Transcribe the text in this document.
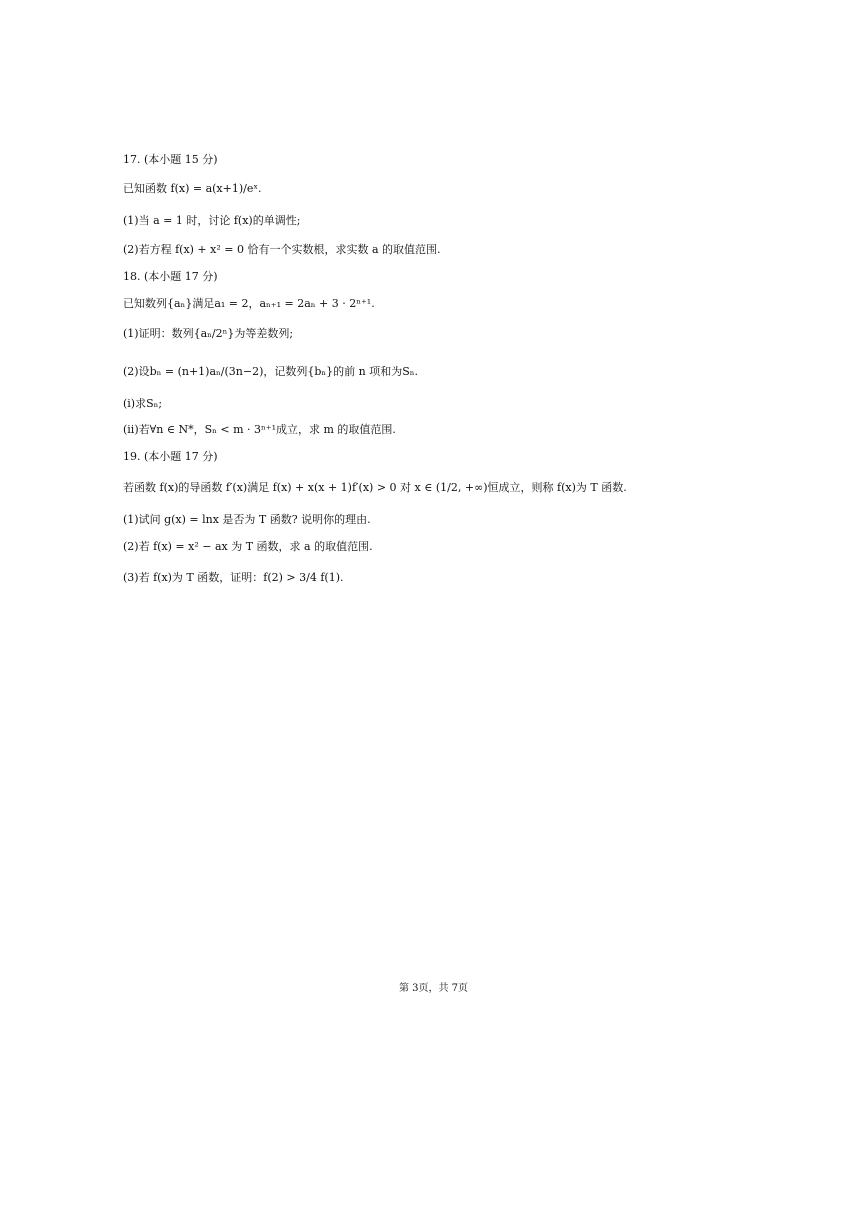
17. (本小题 15 分)
已知函数 f(x) = a(x+1)/eˣ.
(1)当 a = 1 时，讨论 f(x)的单调性;
(2)若方程 f(x) + x² = 0 恰有一个实数根，求实数 a 的取值范围.
18. (本小题 17 分)
已知数列{aₙ}满足a₁ = 2，aₙ₊₁ = 2aₙ + 3 · 2ⁿ⁺¹.
(1)证明：数列{aₙ/2ⁿ}为等差数列;
(2)设bₙ = (n+1)aₙ/(3n−2)，记数列{bₙ}的前 n 项和为Sₙ.
(i)求Sₙ;
(ii)若∀n ∈ N*，Sₙ < m · 3ⁿ⁺¹成立，求 m 的取值范围.
19. (本小题 17 分)
若函数 f(x)的导函数 f′(x)满足 f(x) + x(x + 1)f′(x) > 0 对 x ∈ (1/2, +∞)恒成立，则称 f(x)为 T 函数.
(1)试问 g(x) = lnx 是否为 T 函数? 说明你的理由.
(2)若 f(x) = x² − ax 为 T 函数，求 a 的取值范围.
(3)若 f(x)为 T 函数，证明：f(2) > 3/4 f(1).
第 3页，共 7页
